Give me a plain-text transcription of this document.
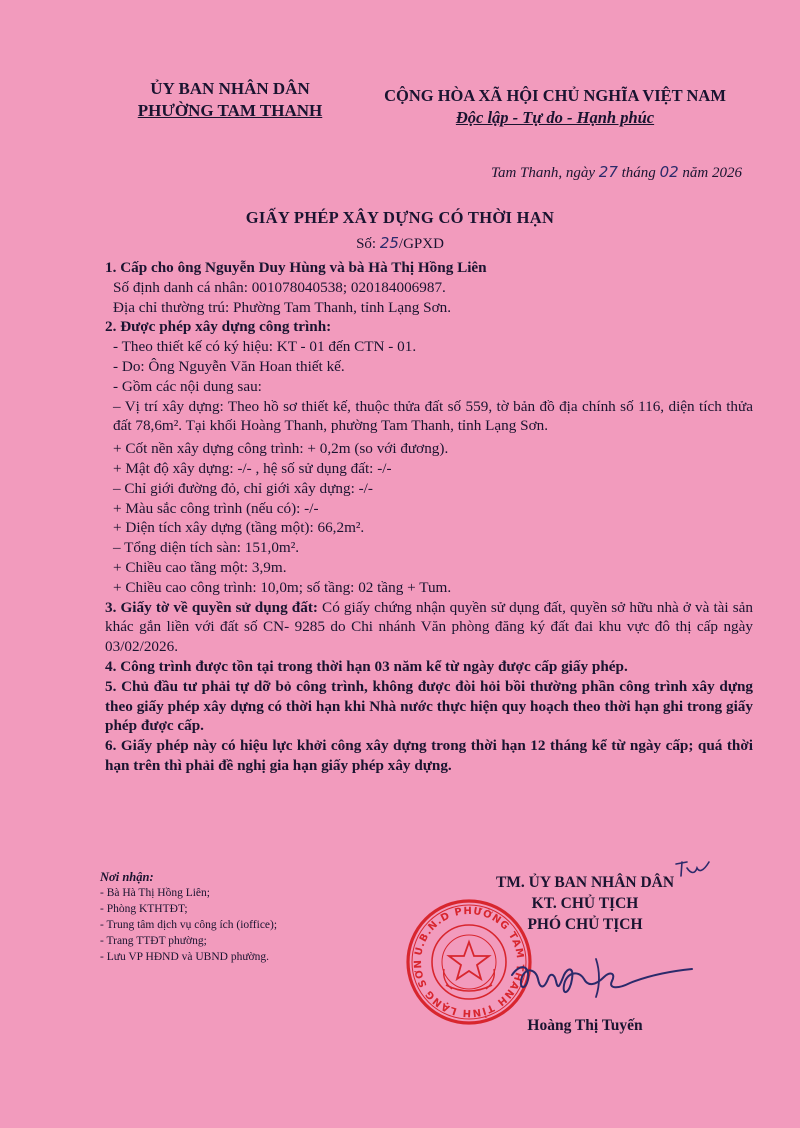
ỦY BAN NHÂN DÂN
PHƯỜNG TAM THANH
CỘNG HÒA XÃ HỘI CHỦ NGHĨA VIỆT NAM
Độc lập - Tự do - Hạnh phúc
Tam Thanh, ngày 27 tháng 02 năm 2026
GIẤY PHÉP XÂY DỰNG CÓ THỜI HẠN
Số: 25/GPXD

1. Cấp cho ông Nguyễn Duy Hùng và bà Hà Thị Hồng Liên

Số định danh cá nhân: 001078040538; 020184006987.

Địa chỉ thường trú: Phường Tam Thanh, tỉnh Lạng Sơn.

2. Được phép xây dựng công trình:

- Theo thiết kế có ký hiệu: KT - 01 đến CTN - 01.

- Do: Ông Nguyễn Văn Hoan thiết kế.

- Gồm các nội dung sau:

– Vị trí xây dựng: Theo hồ sơ thiết kế, thuộc thửa đất số 559, tờ bản đồ địa chính số 116, diện tích thửa đất 78,6m². Tại khối Hoàng Thanh, phường Tam Thanh, tỉnh Lạng Sơn.

+ Cốt nền xây dựng công trình: + 0,2m (so với đương).

+ Mật độ xây dựng: -/- , hệ số sử dụng đất: -/-

– Chỉ giới đường đỏ, chỉ giới xây dựng: -/-

+ Màu sắc công trình (nếu có): -/-

+ Diện tích xây dựng (tầng một): 66,2m².

– Tổng diện tích sàn: 151,0m².

+ Chiều cao tầng một: 3,9m.

+ Chiều cao công trình: 10,0m; số tầng: 02 tầng + Tum.

3. Giấy tờ về quyền sử dụng đất: Có giấy chứng nhận quyền sử dụng đất, quyền sở hữu nhà ở và tài sản khác gắn liền với đất số CN- 9285 do Chi nhánh Văn phòng đăng ký đất đai khu vực đô thị cấp ngày 03/02/2026.

4. Công trình được tồn tại trong thời hạn 03 năm kể từ ngày được cấp giấy phép.

5. Chủ đầu tư phải tự dỡ bỏ công trình, không được đòi hỏi bồi thường phần công trình xây dựng theo giấy phép xây dựng có thời hạn khi Nhà nước thực hiện quy hoạch theo thời hạn ghi trong giấy phép được cấp.

6. Giấy phép này có hiệu lực khởi công xây dựng trong thời hạn 12 tháng kể từ ngày cấp; quá thời hạn trên thì phải đề nghị gia hạn giấy phép xây dựng.

Nơi nhận:
- Bà Hà Thị Hồng Liên;
- Phòng KTHTĐT;
- Trung tâm dịch vụ công ích (ioffice);
- Trang TTĐT phường;
- Lưu VP HĐND và UBND phường.
TM. ỦY BAN NHÂN DÂN
KT. CHỦ TỊCH
PHÓ CHỦ TỊCH
U.B.N.D PHƯỜNG TAM THANH TỈNH LẠNG SƠN
Hoàng Thị Tuyến
